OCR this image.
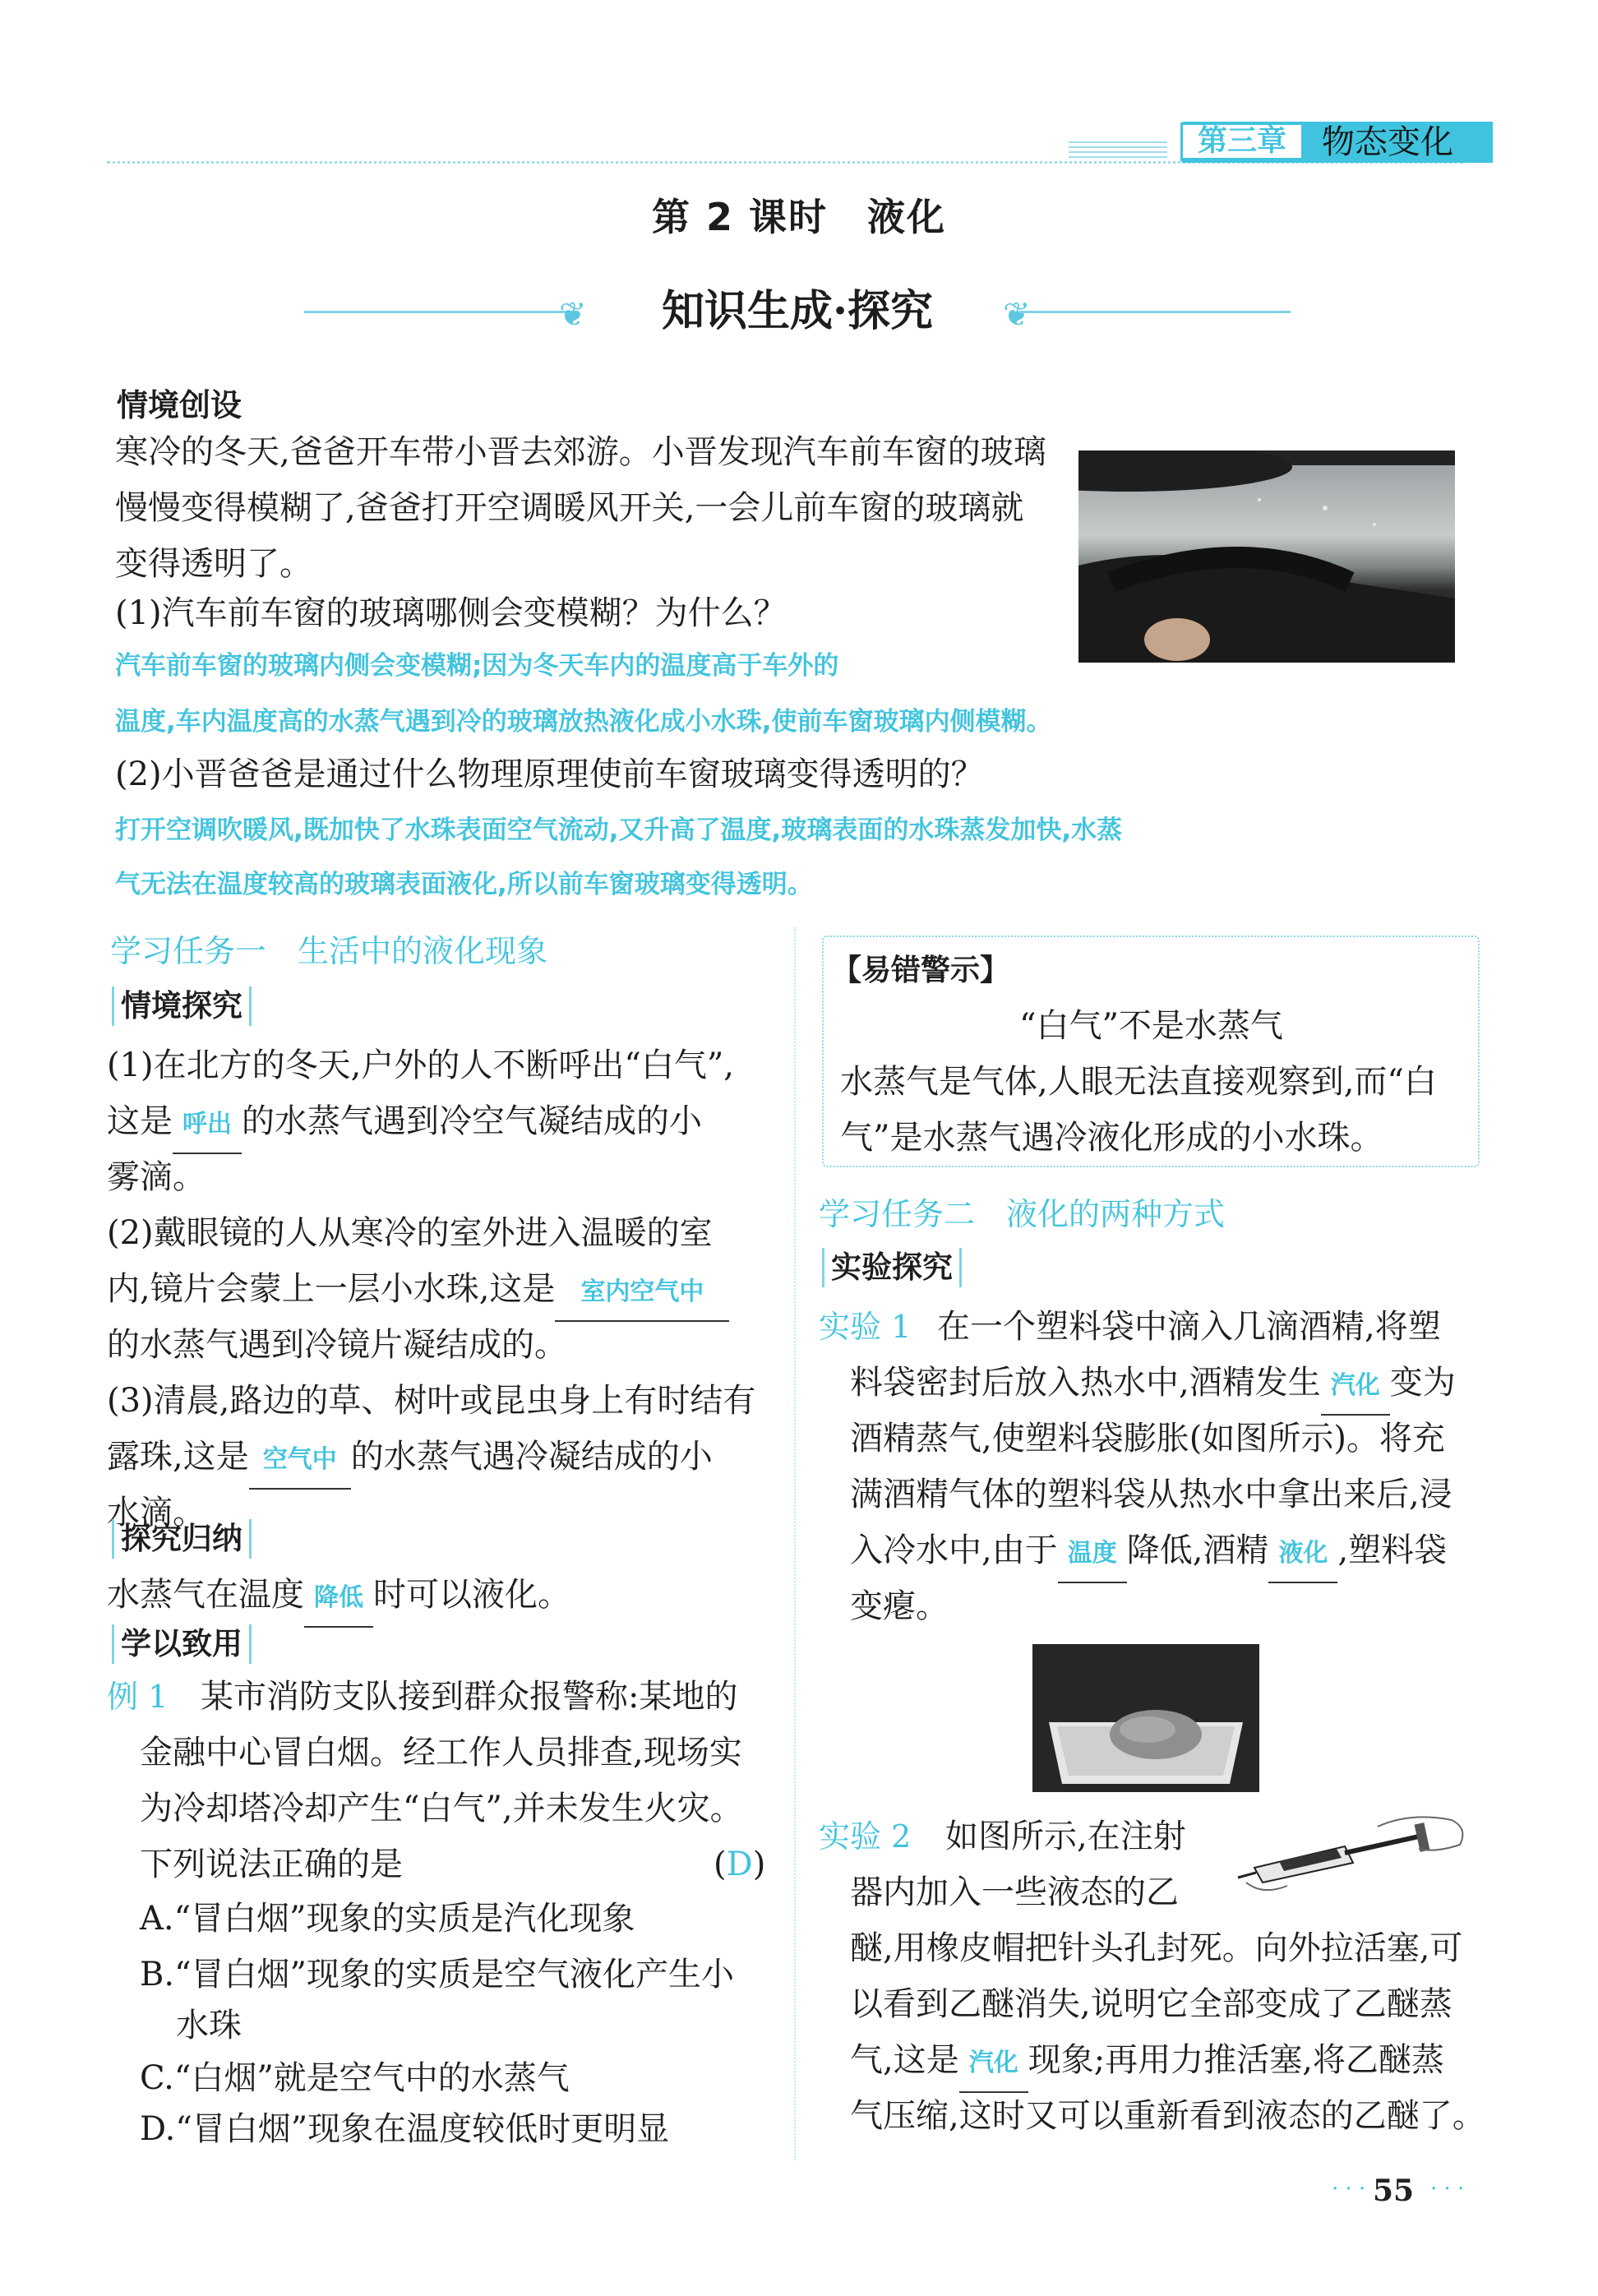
第三章	物态变化
第 2 课时　液化
❦	知识生成·探究	❦
情境创设
寒冷的冬天,爸爸开车带小晋去郊游。小晋发现汽车前车窗的玻璃
慢慢变得模糊了,爸爸打开空调暖风开关,一会儿前车窗的玻璃就
变得透明了。
(1)汽车前车窗的玻璃哪侧会变模糊？为什么？
汽车前车窗的玻璃内侧会变模糊;因为冬天车内的温度高于车外的
温度,车内温度高的水蒸气遇到冷的玻璃放热液化成小水珠,使前车窗玻璃内侧模糊。
(2)小晋爸爸是通过什么物理原理使前车窗玻璃变得透明的？
打开空调吹暖风,既加快了水珠表面空气流动,又升高了温度,玻璃表面的水珠蒸发加快,水蒸
气无法在温度较高的玻璃表面液化,所以前车窗玻璃变得透明。
学习任务一　生活中的液化现象
情境探究
(1)在北方的冬天,户外的人不断呼出“白气”,
这是 呼出 的水蒸气遇到冷空气凝结成的小
雾滴。
(2)戴眼镜的人从寒冷的室外进入温暖的室
内,镜片会蒙上一层小水珠,这是 室内空气中
的水蒸气遇到冷镜片凝结成的。
(3)清晨,路边的草、树叶或昆虫身上有时结有
露珠,这是 空气中 的水蒸气遇冷凝结成的小
水滴。
探究归纳
水蒸气在温度 降低 时可以液化。
学以致用
例 1 某市消防支队接到群众报警称:某地的
金融中心冒白烟。经工作人员排查,现场实
为冷却塔冷却产生“白气”,并未发生火灾。
下列说法正确的是	(D)
A.“冒白烟”现象的实质是汽化现象
B.“冒白烟”现象的实质是空气液化产生小
水珠
C.“白烟”就是空气中的水蒸气
D.“冒白烟”现象在温度较低时更明显
【易错警示】
“白气”不是水蒸气
水蒸气是气体,人眼无法直接观察到,而“白
气”是水蒸气遇冷液化形成的小水珠。
学习任务二　液化的两种方式
实验探究
实验 1 在一个塑料袋中滴入几滴酒精,将塑
料袋密封后放入热水中,酒精发生 汽化 变为
酒精蒸气,使塑料袋膨胀(如图所示)。将充
满酒精气体的塑料袋从热水中拿出来后,浸
入冷水中,由于 温度 降低,酒精 液化 ,塑料袋
变瘪。
实验 2 如图所示,在注射
器内加入一些液态的乙
醚,用橡皮帽把针头孔封死。向外拉活塞,可
以看到乙醚消失,说明它全部变成了乙醚蒸
气,这是 汽化 现象;再用力推活塞,将乙醚蒸
气压缩,这时又可以重新看到液态的乙醚了。
· · · 55 · · ·
